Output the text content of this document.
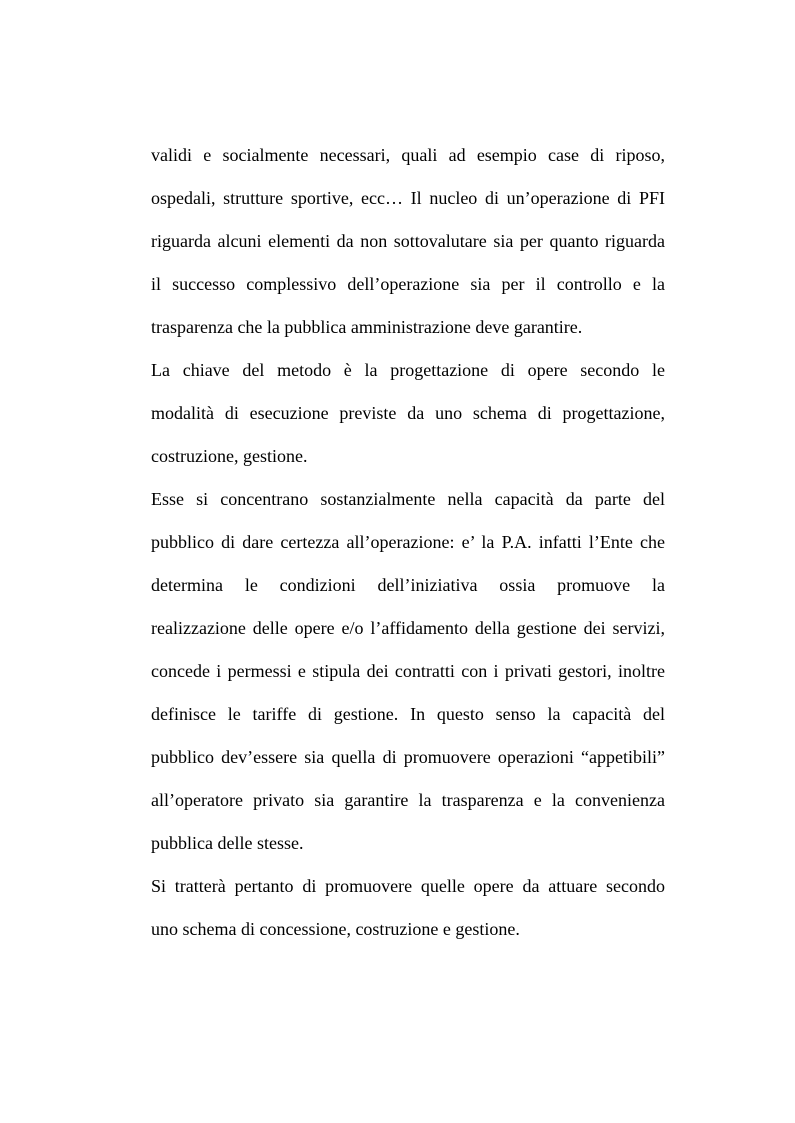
validi e socialmente necessari, quali ad esempio case di riposo,
ospedali, strutture sportive, ecc… Il nucleo di un’operazione di PFI
riguarda alcuni elementi da non sottovalutare sia per quanto riguarda
il successo complessivo dell’operazione sia per il controllo e la
trasparenza che la pubblica amministrazione deve garantire.
La chiave del metodo è la progettazione di opere secondo le
modalità di esecuzione previste da uno schema di progettazione,
costruzione, gestione.
Esse si concentrano sostanzialmente nella capacità da parte del
pubblico di dare certezza all’operazione: e’ la P.A. infatti l’Ente che
determina le condizioni dell’iniziativa ossia promuove la
realizzazione delle opere e/o l’affidamento della gestione dei servizi,
concede i permessi e stipula dei contratti con i privati gestori, inoltre
definisce le tariffe di gestione. In questo senso la capacità del
pubblico dev’essere sia quella di promuovere operazioni “appetibili”
all’operatore privato sia garantire la trasparenza e la convenienza
pubblica delle stesse.
Si tratterà pertanto di promuovere quelle opere da attuare secondo
uno schema di concessione, costruzione e gestione.
